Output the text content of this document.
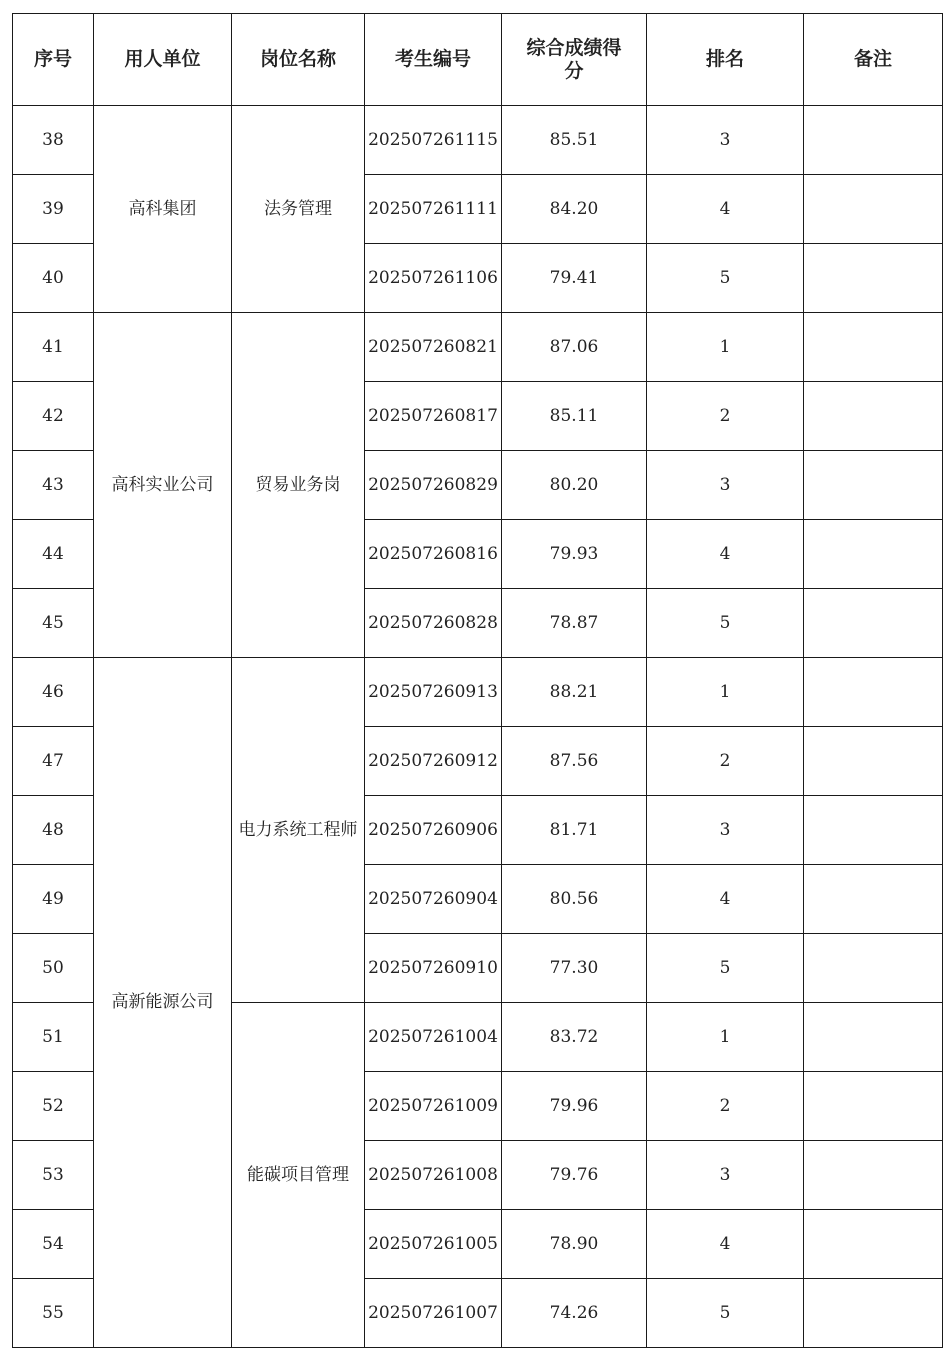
序号	用人单位	岗位名称	考生编号	综合成绩得分	排名	备注
38	高科集团	法务管理	202507261115	85.51	3	
39			202507261111	84.20	4	
40			202507261106	79.41	5	
41	高科实业公司	贸易业务岗	202507260821	87.06	1	
42			202507260817	85.11	2	
43			202507260829	80.20	3	
44			202507260816	79.93	4	
45			202507260828	78.87	5	
46	高新能源公司	电力系统工程师	202507260913	88.21	1	
47			202507260912	87.56	2	
48			202507260906	81.71	3	
49			202507260904	80.56	4	
50			202507260910	77.30	5	
51		能碳项目管理	202507261004	83.72	1	
52			202507261009	79.96	2	
53			202507261008	79.76	3	
54			202507261005	78.90	4	
55			202507261007	74.26	5	
